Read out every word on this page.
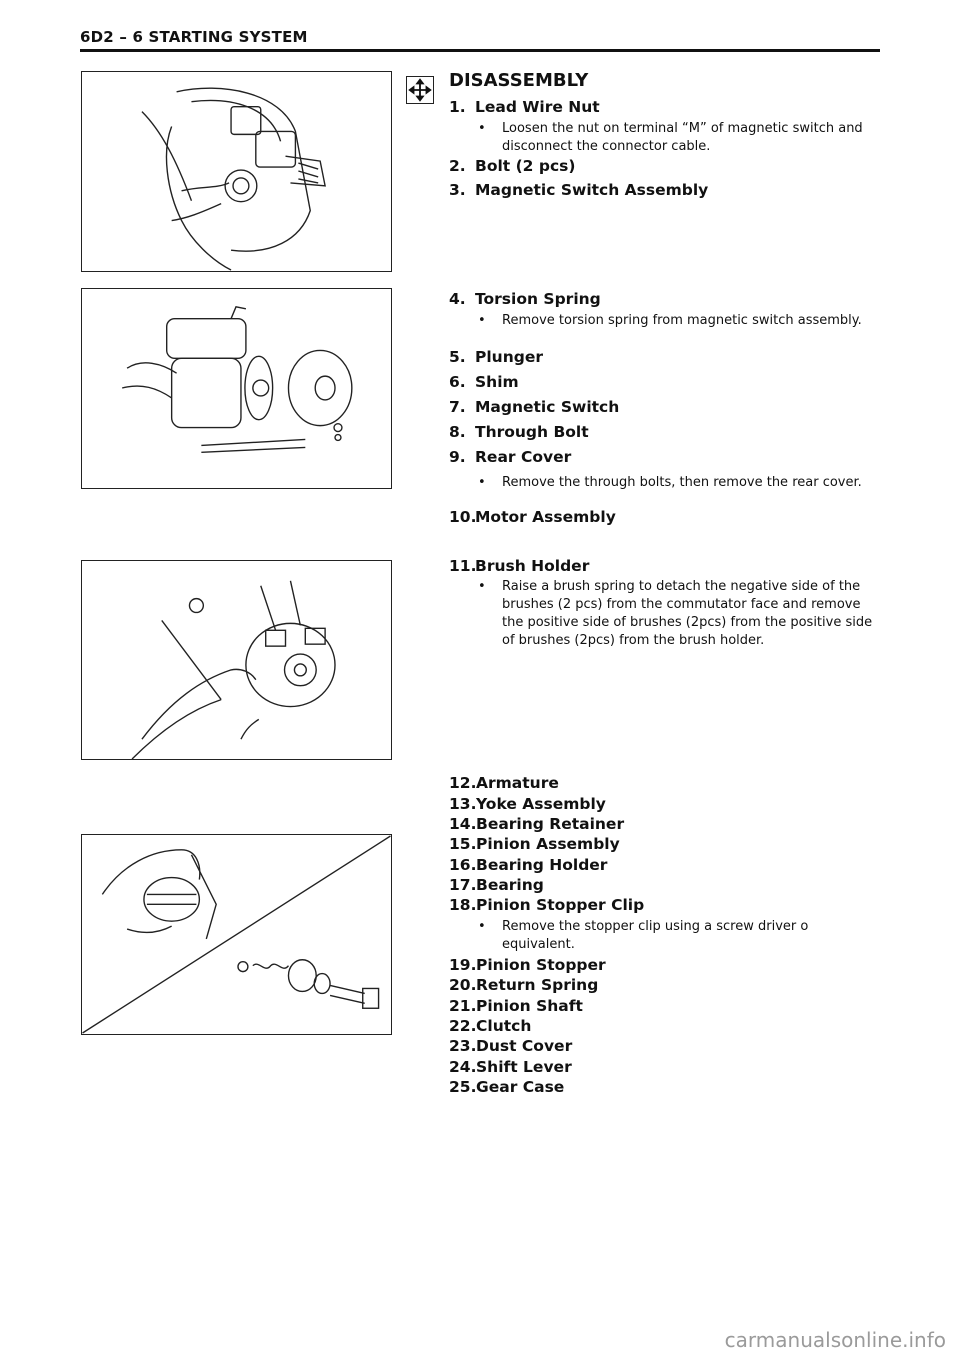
6D2 – 6 STARTING SYSTEM
DISASSEMBLY
1. Lead Wire Nut
•	Loosen the nut on terminal “M” of magnetic switch and disconnect the connector cable.
2. Bolt (2 pcs)
3. Magnetic Switch Assembly
4. Torsion Spring
•	Remove torsion spring from magnetic switch assembly.
5. Plunger
6. Shim
7. Magnetic Switch
8. Through Bolt
9. Rear Cover
•	Remove the through bolts, then remove the rear cover.
10.Motor Assembly
11.Brush Holder
•	Raise a brush spring to detach the negative side of the brushes (2 pcs) from the commutator face and remove the positive side of brushes (2pcs) from the positive side of brushes (2pcs) from the brush holder.
12.Armature
13.Yoke Assembly
14.Bearing Retainer
15.Pinion Assembly
16.Bearing Holder
17.Bearing
18.Pinion Stopper Clip
•	Remove the stopper clip using a screw driver o equivalent.
19.Pinion Stopper
20.Return Spring
21.Pinion Shaft
22.Clutch
23.Dust Cover
24.Shift Lever
25.Gear Case
carmanualsonline.info
